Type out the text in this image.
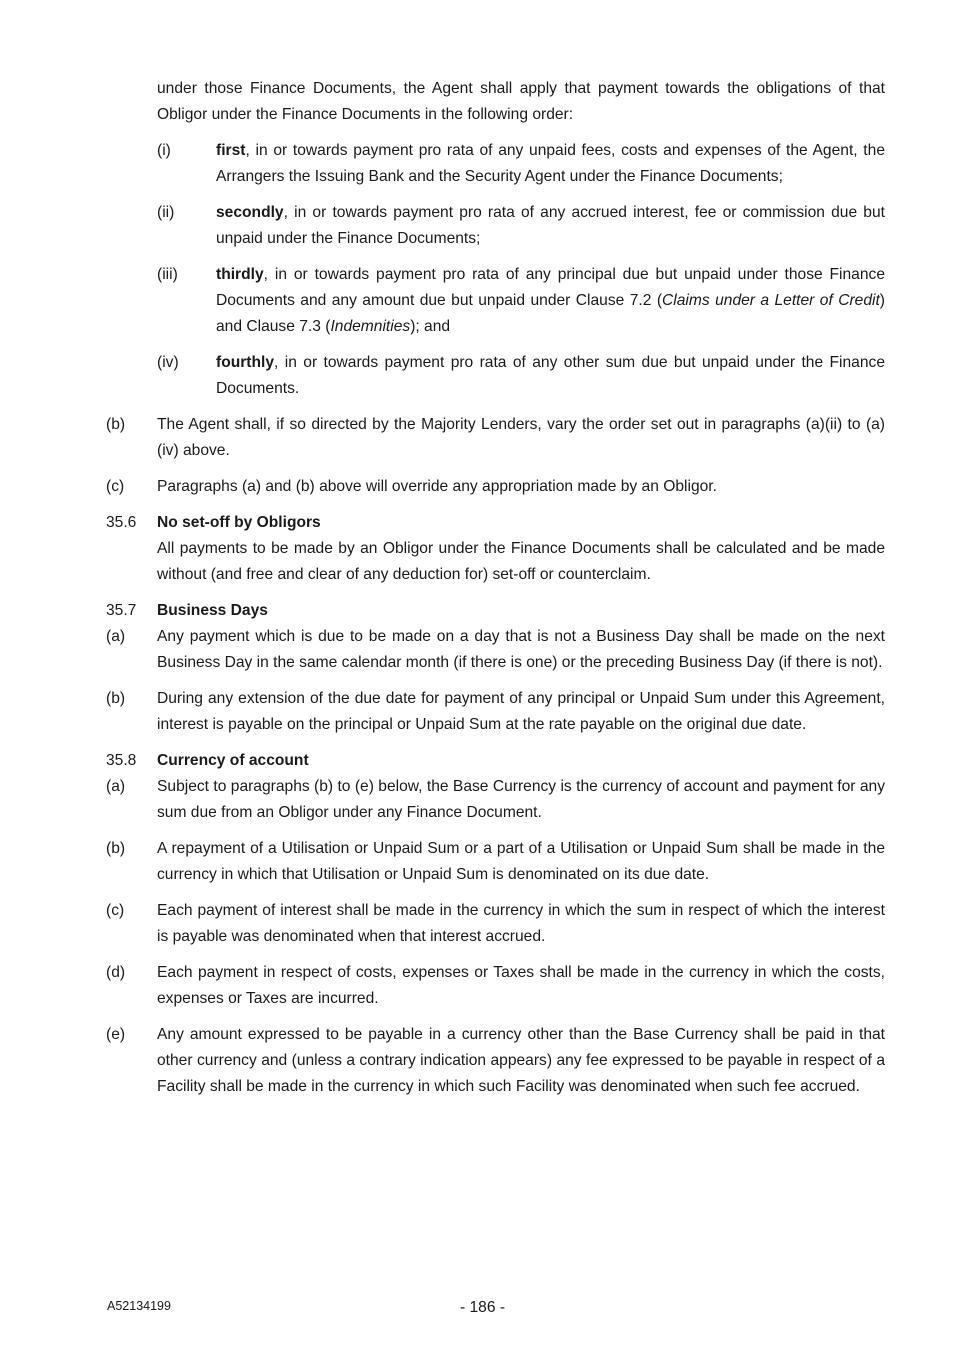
under those Finance Documents, the Agent shall apply that payment towards the obligations of that Obligor under the Finance Documents in the following order:
(i)	first, in or towards payment pro rata of any unpaid fees, costs and expenses of the Agent, the Arrangers the Issuing Bank and the Security Agent under the Finance Documents;
(ii)	secondly, in or towards payment pro rata of any accrued interest, fee or commission due but unpaid under the Finance Documents;
(iii)	thirdly, in or towards payment pro rata of any principal due but unpaid under those Finance Documents and any amount due but unpaid under Clause 7.2 (Claims under a Letter of Credit) and Clause 7.3 (Indemnities); and
(iv)	fourthly, in or towards payment pro rata of any other sum due but unpaid under the Finance Documents.
(b)	The Agent shall, if so directed by the Majority Lenders, vary the order set out in paragraphs (a)(ii) to (a)(iv) above.
(c)	Paragraphs (a) and (b) above will override any appropriation made by an Obligor.
35.6 No set-off by Obligors
All payments to be made by an Obligor under the Finance Documents shall be calculated and be made without (and free and clear of any deduction for) set-off or counterclaim.
35.7 Business Days
(a)	Any payment which is due to be made on a day that is not a Business Day shall be made on the next Business Day in the same calendar month (if there is one) or the preceding Business Day (if there is not).
(b)	During any extension of the due date for payment of any principal or Unpaid Sum under this Agreement, interest is payable on the principal or Unpaid Sum at the rate payable on the original due date.
35.8 Currency of account
(a)	Subject to paragraphs (b) to (e) below, the Base Currency is the currency of account and payment for any sum due from an Obligor under any Finance Document.
(b)	A repayment of a Utilisation or Unpaid Sum or a part of a Utilisation or Unpaid Sum shall be made in the currency in which that Utilisation or Unpaid Sum is denominated on its due date.
(c)	Each payment of interest shall be made in the currency in which the sum in respect of which the interest is payable was denominated when that interest accrued.
(d)	Each payment in respect of costs, expenses or Taxes shall be made in the currency in which the costs, expenses or Taxes are incurred.
(e)	Any amount expressed to be payable in a currency other than the Base Currency shall be paid in that other currency and (unless a contrary indication appears) any fee expressed to be payable in respect of a Facility shall be made in the currency in which such Facility was denominated when such fee accrued.
A52134199	- 186 -
